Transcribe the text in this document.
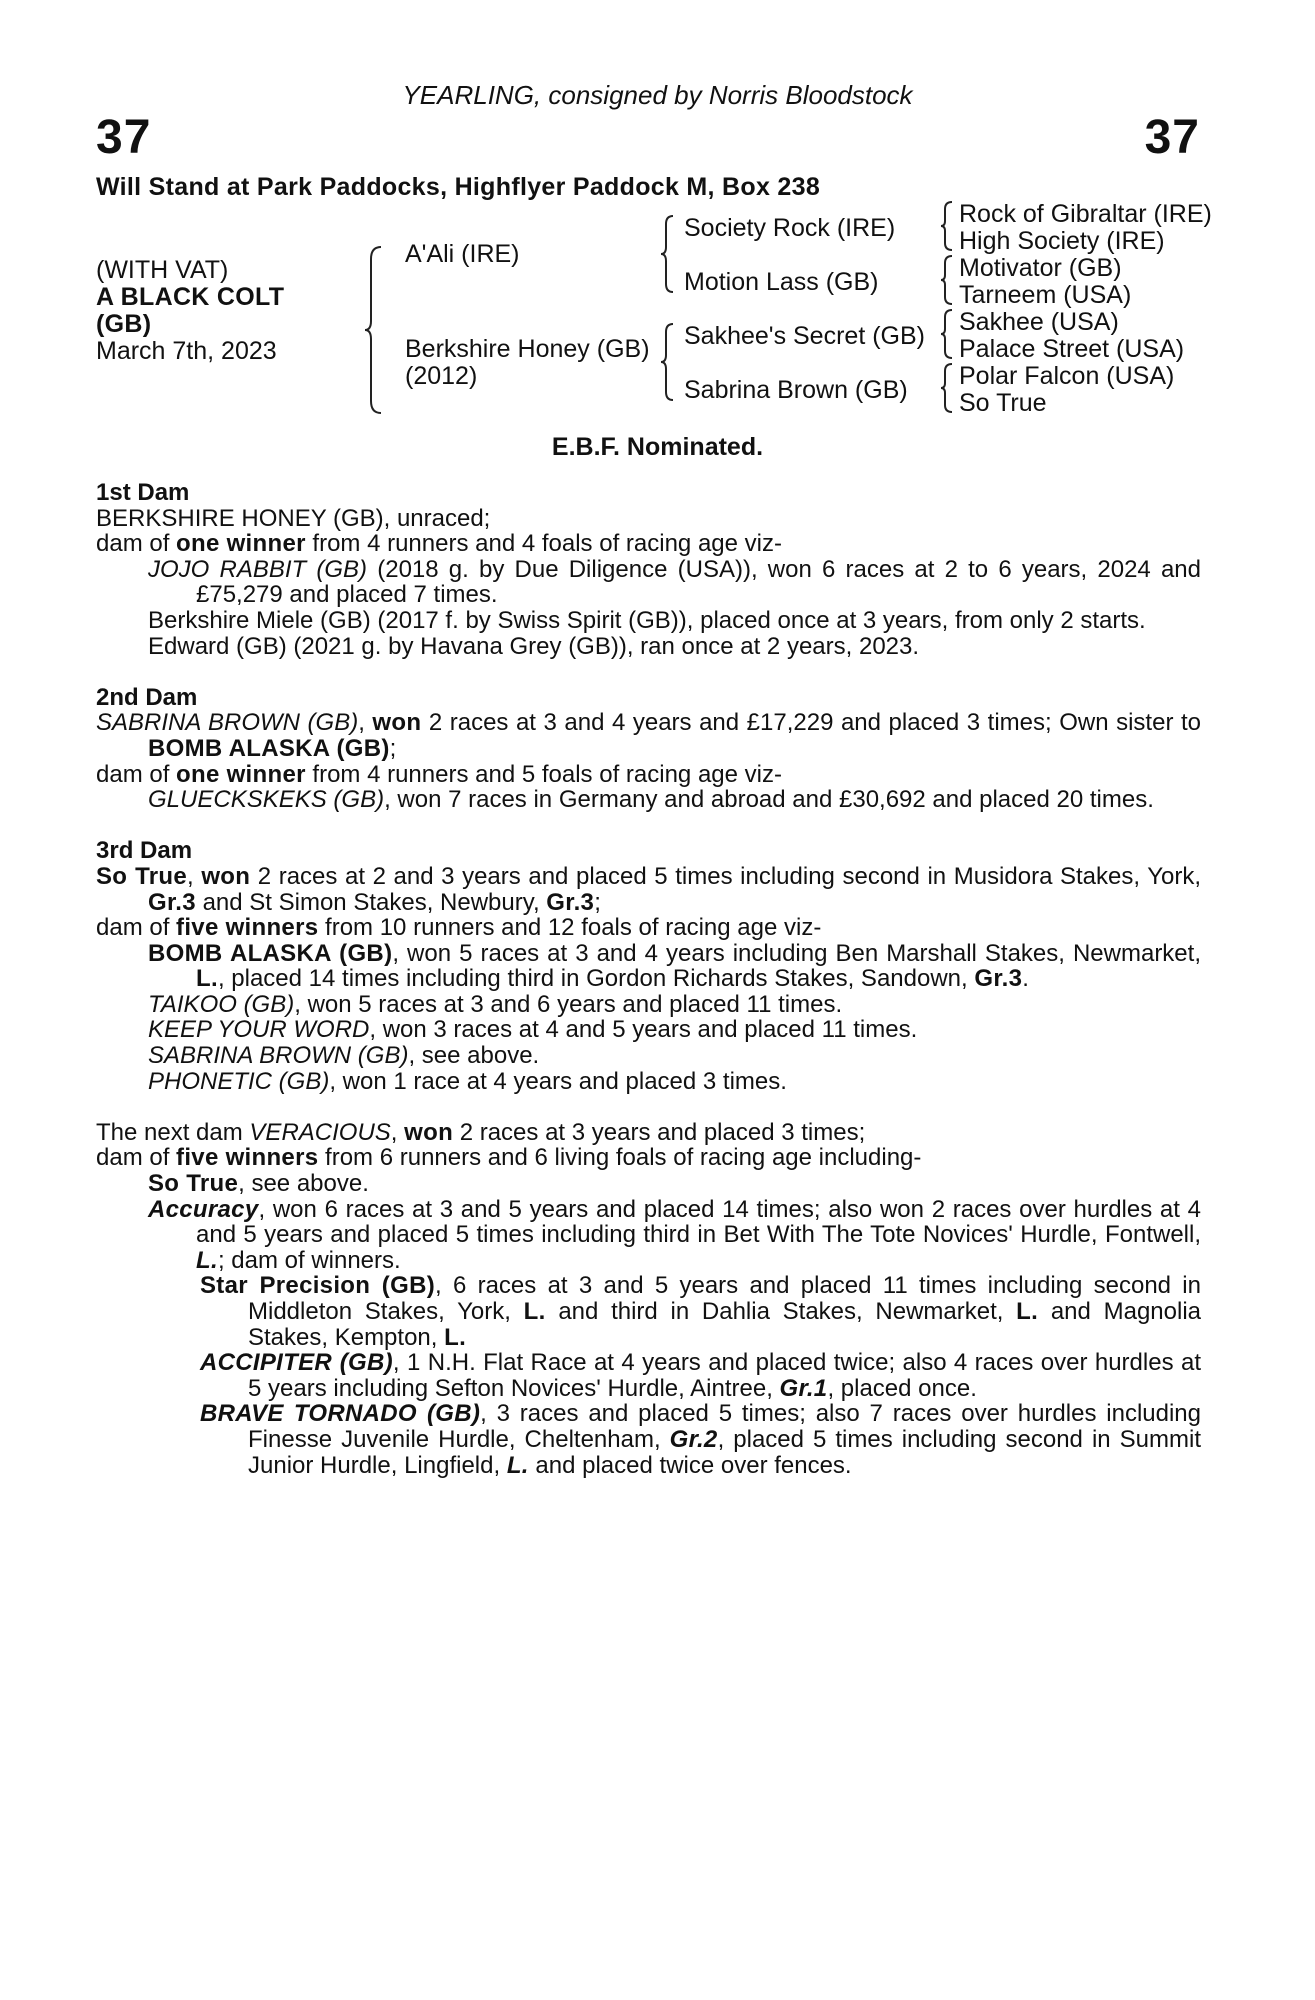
YEARLING, consigned by Norris Bloodstock
37	37
Will Stand at Park Paddocks, Highflyer Paddock M, Box 238
(WITH VAT)
A BLACK COLT
(GB)
March 7th, 2023
A'Ali (IRE)
Berkshire Honey (GB)
(2012)
Society Rock (IRE)
Motion Lass (GB)
Sakhee's Secret (GB)
Sabrina Brown (GB)
Rock of Gibraltar (IRE)
High Society (IRE)
Motivator (GB)
Tarneem (USA)
Sakhee (USA)
Palace Street (USA)
Polar Falcon (USA)
So True
E.B.F. Nominated.

1st Dam

BERKSHIRE HONEY (GB), unraced;

dam of one winner from 4 runners and 4 foals of racing age viz-

JOJO RABBIT (GB) (2018 g. by Due Diligence (USA)), won 6 races at 2 to 6 years, 2024 and £75,279 and placed 7 times.

Berkshire Miele (GB) (2017 f. by Swiss Spirit (GB)), placed once at 3 years, from only 2 starts.

Edward (GB) (2021 g. by Havana Grey (GB)), ran once at 2 years, 2023.

2nd Dam

SABRINA BROWN (GB), won 2 races at 3 and 4 years and £17,229 and placed 3 times; Own sister to BOMB ALASKA (GB);

dam of one winner from 4 runners and 5 foals of racing age viz-

GLUECKSKEKS (GB), won 7 races in Germany and abroad and £30,692 and placed 20 times.

3rd Dam

So True, won 2 races at 2 and 3 years and placed 5 times including second in Musidora Stakes, York, Gr.3 and St Simon Stakes, Newbury, Gr.3;

dam of five winners from 10 runners and 12 foals of racing age viz-

BOMB ALASKA (GB), won 5 races at 3 and 4 years including Ben Marshall Stakes, Newmarket, L., placed 14 times including third in Gordon Richards Stakes, Sandown, Gr.3.

TAIKOO (GB), won 5 races at 3 and 6 years and placed 11 times.

KEEP YOUR WORD, won 3 races at 4 and 5 years and placed 11 times.

SABRINA BROWN (GB), see above.

PHONETIC (GB), won 1 race at 4 years and placed 3 times.

The next dam VERACIOUS, won 2 races at 3 years and placed 3 times;

dam of five winners from 6 runners and 6 living foals of racing age including-

So True, see above.

Accuracy, won 6 races at 3 and 5 years and placed 14 times; also won 2 races over hurdles at 4 and 5 years and placed 5 times including third in Bet With The Tote Novices' Hurdle, Fontwell, L.; dam of winners.

Star Precision (GB), 6 races at 3 and 5 years and placed 11 times including second in Middleton Stakes, York, L. and third in Dahlia Stakes, Newmarket, L. and Magnolia Stakes, Kempton, L.

ACCIPITER (GB), 1 N.H. Flat Race at 4 years and placed twice; also 4 races over hurdles at 5 years including Sefton Novices' Hurdle, Aintree, Gr.1, placed once.

BRAVE TORNADO (GB), 3 races and placed 5 times; also 7 races over hurdles including Finesse Juvenile Hurdle, Cheltenham, Gr.2, placed 5 times including second in Summit Junior Hurdle, Lingfield, L. and placed twice over fences.
